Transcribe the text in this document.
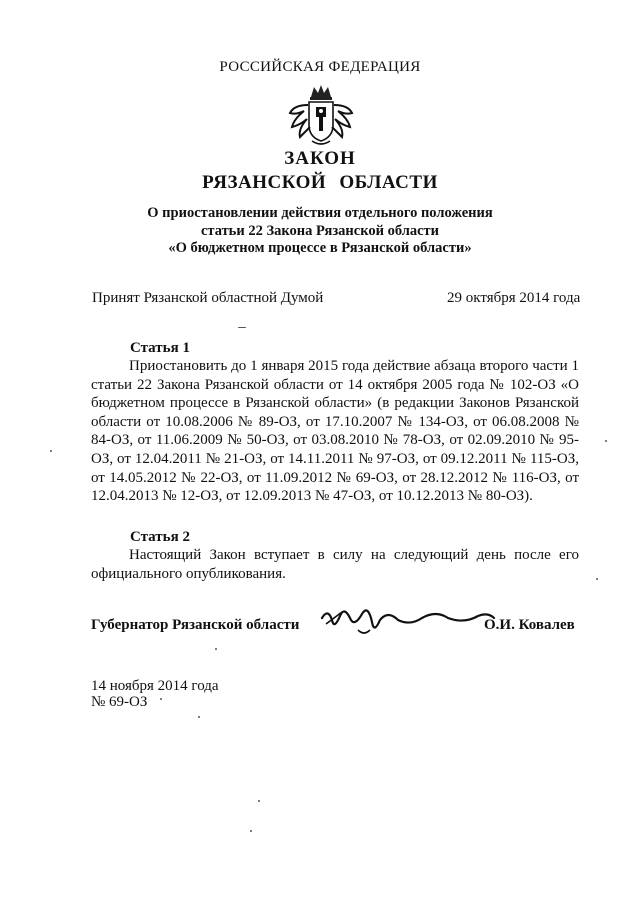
РОССИЙСКАЯ ФЕДЕРАЦИЯ
ЗАКОН
РЯЗАНСКОЙ ОБЛАСТИ
О приостановлении действия отдельного положения
статьи 22 Закона Рязанской области
«О бюджетном процессе в Рязанской области»
Принят Рязанской областной Думой	29 октября 2014 года
Статья 1
Приостановить до 1 января 2015 года действие абзаца второго части 1 статьи 22 Закона Рязанской области от 14 октября 2005 года № 102-ОЗ «О бюджетном процессе в Рязанской области» (в редакции Законов Рязанской области от 10.08.2006 № 89-ОЗ, от 17.10.2007 № 134-ОЗ, от 06.08.2008 № 84-ОЗ, от 11.06.2009 № 50-ОЗ, от 03.08.2010 № 78-ОЗ, от 02.09.2010 № 95-ОЗ, от 12.04.2011 № 21-ОЗ, от 14.11.2011 № 97-ОЗ, от 09.12.2011 № 115-ОЗ, от 14.05.2012 № 22-ОЗ, от 11.09.2012 № 69-ОЗ, от 28.12.2012 № 116-ОЗ, от 12.04.2013 № 12-ОЗ, от 12.09.2013 № 47-ОЗ, от 10.12.2013 № 80-ОЗ).
Статья 2
Настоящий Закон вступает в силу на следующий день после его официального опубликования.
Губернатор Рязанской области	О.И. Ковалев
14 ноября 2014 года
№ 69-ОЗ
